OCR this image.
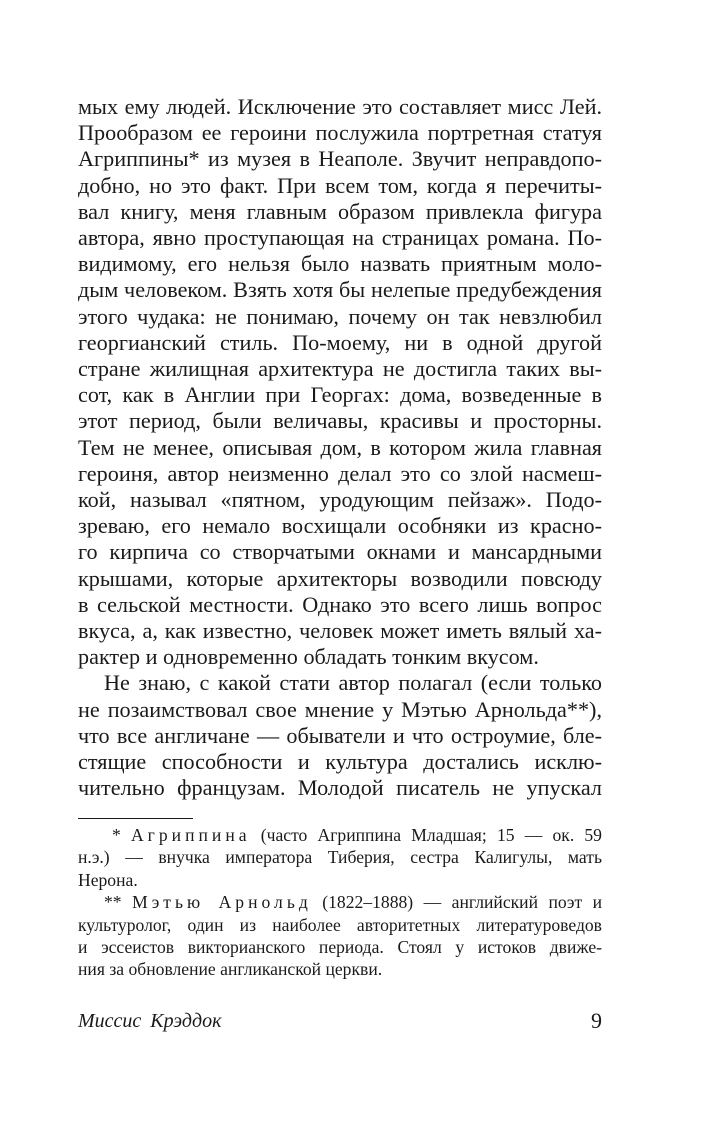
мых ему людей. Исключение это составляет мисс Лей.
Прообразом ее героини послужила портретная статуя
Агриппины* из музея в Неаполе. Звучит неправдопо-
добно, но это факт. При всем том, когда я перечиты-
вал книгу, меня главным образом привлекла фигура
автора, явно проступающая на страницах романа. По-
видимому, его нельзя было назвать приятным моло-
дым человеком. Взять хотя бы нелепые предубеждения
этого чудака: не понимаю, почему он так невзлюбил
георгианский стиль. По-моему, ни в одной другой
стране жилищная архитектура не достигла таких вы-
сот, как в Англии при Георгах: дома, возведенные в
этот период, были величавы, красивы и просторны.
Тем не менее, описывая дом, в котором жила главная
героиня, автор неизменно делал это со злой насмеш-
кой, называл «пятном, уродующим пейзаж». Подо-
зреваю, его немало восхищали особняки из красно-
го кирпича со створчатыми окнами и мансардными
крышами, которые архитекторы возводили повсюду
в сельской местности. Однако это всего лишь вопрос
вкуса, а, как известно, человек может иметь вялый ха-
рактер и одновременно обладать тонким вкусом.
Не знаю, с какой стати автор полагал (если только
не позаимствовал свое мнение у Мэтью Арнольда**),
что все англичане — обыватели и что остроумие, бле-
стящие способности и культура достались исклю-
чительно французам. Молодой писатель не упускал
* Агриппина (часто Агриппина Младшая; 15 — ок. 59
н.э.) — внучка императора Тиберия, сестра Калигулы, мать
Нерона.
** Мэтью Арнольд (1822–1888) — английский поэт и
культуролог, один из наиболее авторитетных литературоведов
и эссеистов викторианского периода. Стоял у истоков движе-
ния за обновление англиканской церкви.
Миссис Крэддок	9
